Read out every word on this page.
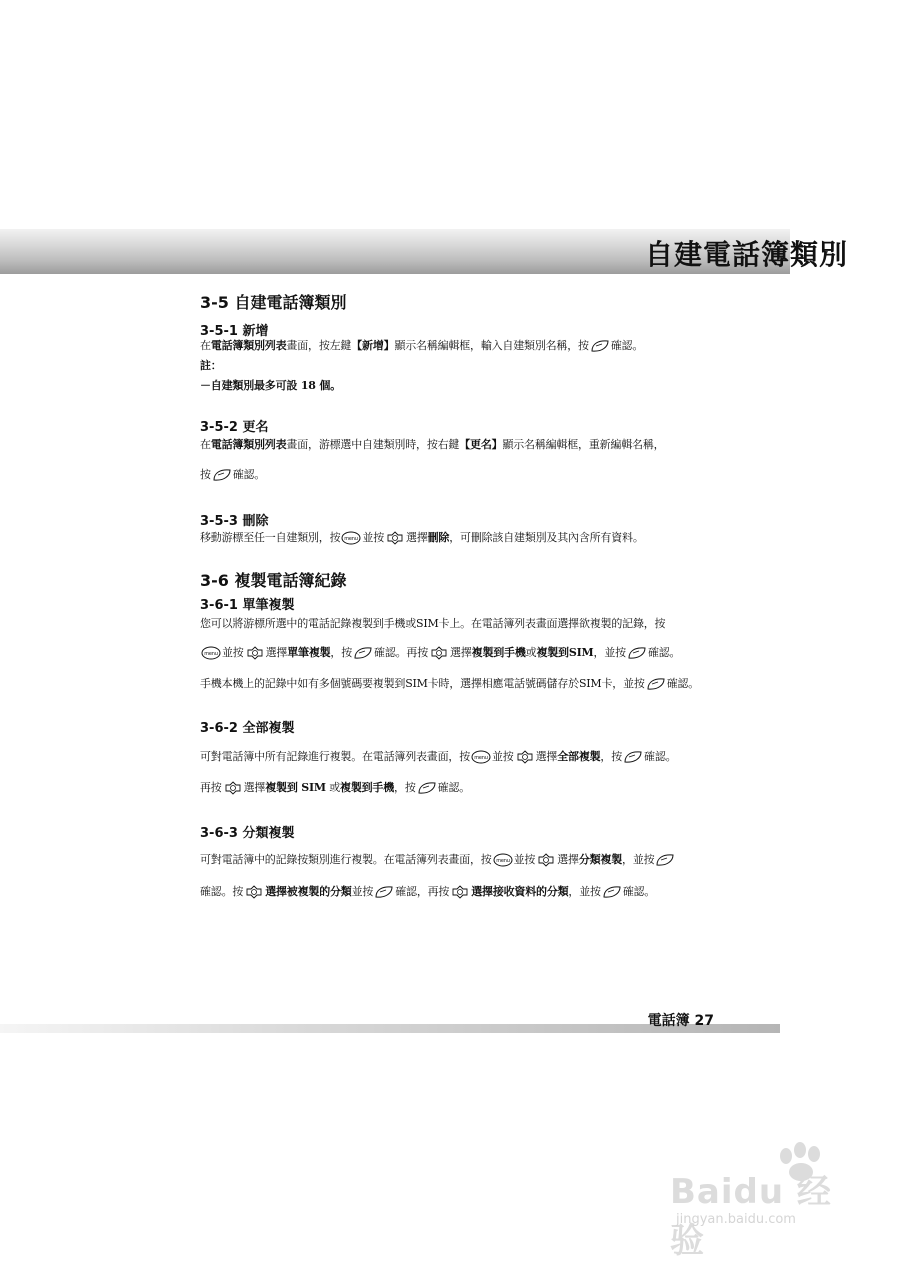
自建電話簿類別
3-5 自建電話簿類別
3-5-1 新增

在電話簿類別列表畫面，按左鍵【新增】顯示名稱編輯框，輸入自建類別名稱，按 確認。

註：

－自建類別最多可設 18 個。

3-5-2 更名

在電話簿類別列表畫面，游標選中自建類別時，按右鍵【更名】顯示名稱編輯框，重新編輯名稱，

按 確認。

3-5-3 刪除

移動游標至任一自建類別，按 menu 並按 選擇刪除，可刪除該自建類別及其內含所有資料。

3-6 複製電話簿紀錄
3-6-1 單筆複製

您可以將游標所選中的電話記錄複製到手機或SIM卡上。在電話簿列表畫面選擇欲複製的記錄，按

menu 並按 選擇單筆複製，按 確認。再按 選擇複製到手機或複製到SIM，並按 確認。

手機本機上的記錄中如有多個號碼要複製到SIM卡時，選擇相應電話號碼儲存於SIM卡，並按 確認。

3-6-2 全部複製

可對電話簿中所有記錄進行複製。在電話簿列表畫面，按 menu 並按 選擇全部複製，按 確認。

再按 選擇複製到 SIM 或複製到手機，按 確認。

3-6-3 分類複製

可對電話簿中的記錄按類別進行複製。在電話簿列表畫面，按 menu 並按 選擇分類複製，並按

確認。按 選擇被複製的分類並按 確認，再按 選擇接收資料的分類，並按 確認。

電話簿 27
Baidu 经验
jingyan.baidu.com
